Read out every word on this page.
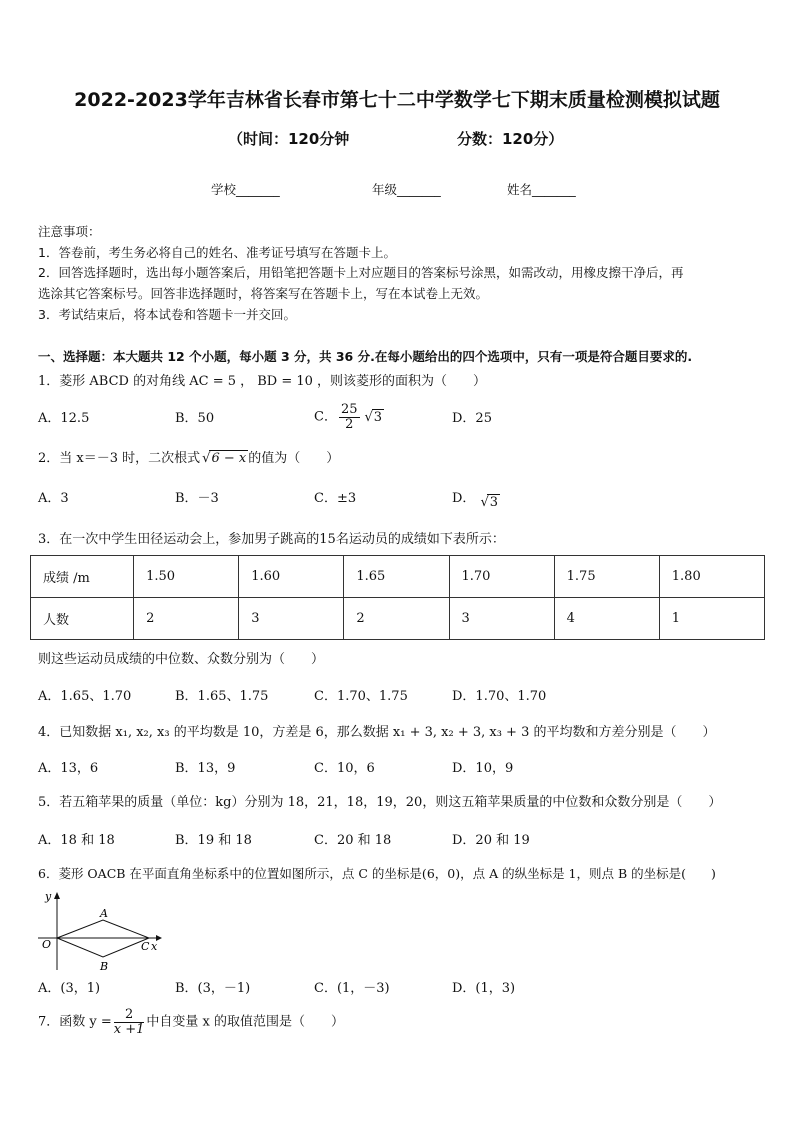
2022-2023学年吉林省长春市第七十二中学数学七下期末质量检测模拟试题
（时间：120分钟	分数：120分）
学校_______	年级_______	姓名_______
注意事项：
1．答卷前，考生务必将自己的姓名、准考证号填写在答题卡上。
2．回答选择题时，选出每小题答案后，用铅笔把答题卡上对应题目的答案标号涂黑，如需改动，用橡皮擦干净后，再
选涂其它答案标号。回答非选择题时，将答案写在答题卡上，写在本试卷上无效。
3．考试结束后，将本试卷和答题卡一并交回。
一、选择题：本大题共 12 个小题，每小题 3 分，共 36 分.在每小题给出的四个选项中，只有一项是符合题目要求的.
1．菱形 ABCD 的对角线 AC = 5 ， BD = 10 ，则该菱形的面积为（　　）
A．12.5	B．50	C． $\frac{25}{2}$ √ 3	D．25
2．当 x＝－3 时，二次根式 √ 6 − x 的值为（　　）
A．3	B．－3	C．±3	D． √ 3
3．在一次中学生田径运动会上，参加男子跳高的15名运动员的成绩如下表所示：
成绩 /m	1.50	1.60	1.65	1.70	1.75	1.80
人数	2	3	2	3	4	1
则这些运动员成绩的中位数、众数分别为（　　）
A．1.65、1.70	B．1.65、1.75	C．1.70、1.75	D．1.70、1.70
4．已知数据 x₁, x₂, x₃ 的平均数是 10，方差是 6，那么数据 x₁ + 3, x₂ + 3, x₃ + 3 的平均数和方差分别是（　　）
A．13，6	B．13，9	C．10，6	D．10，9
5．若五箱苹果的质量（单位：kg）分别为 18，21，18，19，20，则这五箱苹果质量的中位数和众数分别是（　　）
A．18 和 18	B．19 和 18	C．20 和 18	D．20 和 19
6．菱形 OACB 在平面直角坐标系中的位置如图所示，点 C 的坐标是(6，0)，点 A 的纵坐标是 1，则点 B 的坐标是(　　)
y
O
A
C x
B
A．(3，1)	B．(3，－1)	C．(1，－3)	D．(1，3)
7．函数 $y = \frac{2}{x +1}$ 中自变量 x 的取值范围是（　　）
